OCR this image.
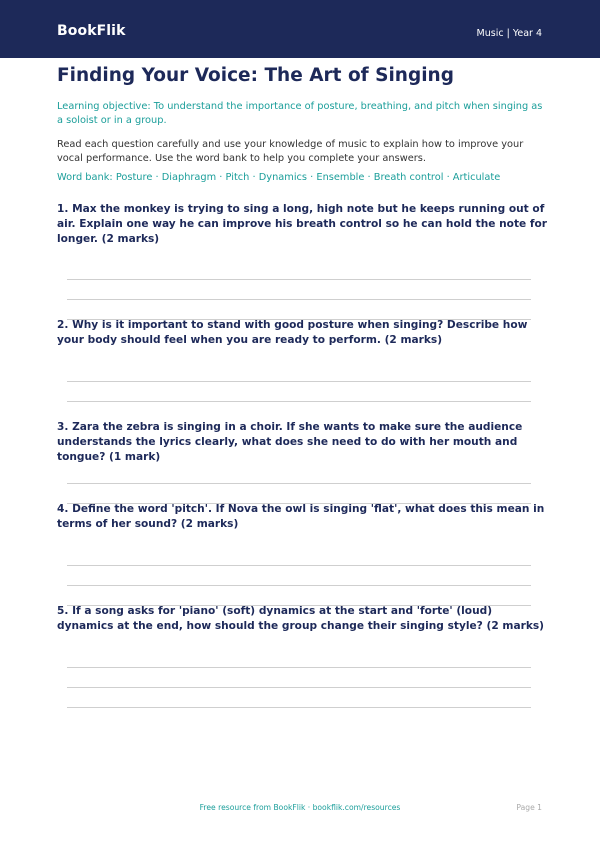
BookFlik	Music | Year 4
Finding Your Voice: The Art of Singing
Learning objective: To understand the importance of posture, breathing, and pitch when singing as a soloist or in a group.
Read each question carefully and use your knowledge of music to explain how to improve your vocal performance. Use the word bank to help you complete your answers.
Word bank: Posture · Diaphragm · Pitch · Dynamics · Ensemble · Breath control · Articulate
1. Max the monkey is trying to sing a long, high note but he keeps running out of air. Explain one way he can improve his breath control so he can hold the note for longer. (2 marks)
2. Why is it important to stand with good posture when singing? Describe how your body should feel when you are ready to perform. (2 marks)
3. Zara the zebra is singing in a choir. If she wants to make sure the audience understands the lyrics clearly, what does she need to do with her mouth and tongue? (1 mark)
4. Define the word 'pitch'. If Nova the owl is singing 'flat', what does this mean in terms of her sound? (2 marks)
5. If a song asks for 'piano' (soft) dynamics at the start and 'forte' (loud) dynamics at the end, how should the group change their singing style? (2 marks)
Free resource from BookFlik · bookflik.com/resources	Page 1
